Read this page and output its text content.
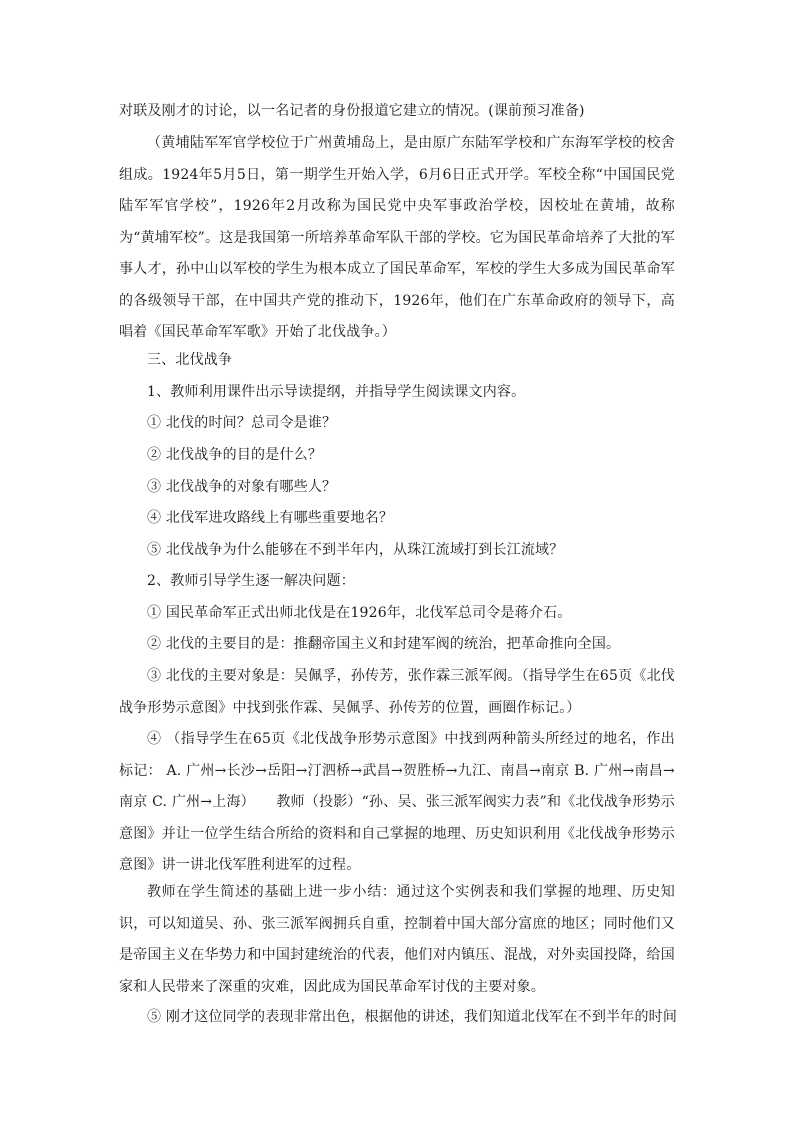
对联及刚才的讨论，以一名记者的身份报道它建立的情况。(课前预习准备)

（黄埔陆军军官学校位于广州黄埔岛上，是由原广东陆军学校和广东海军学校的校舍组成。1924年5月5日，第一期学生开始入学，6月6日正式开学。军校全称“中国国民党陆军军官学校”，1926年2月改称为国民党中央军事政治学校，因校址在黄埔，故称为“黄埔军校”。这是我国第一所培养革命军队干部的学校。它为国民革命培养了大批的军事人才，孙中山以军校的学生为根本成立了国民革命军，军校的学生大多成为国民革命军的各级领导干部，在中国共产党的推动下，1926年，他们在广东革命政府的领导下，高唱着《国民革命军军歌》开始了北伐战争。）

三、北伐战争

1、教师利用课件出示导读提纲，并指导学生阅读课文内容。

① 北伐的时间？总司令是谁？

② 北伐战争的目的是什么？

③ 北伐战争的对象有哪些人？

④ 北伐军进攻路线上有哪些重要地名？

⑤ 北伐战争为什么能够在不到半年内，从珠江流域打到长江流域？

2、教师引导学生逐一解决问题：

① 国民革命军正式出师北伐是在1926年，北伐军总司令是蒋介石。

② 北伐的主要目的是：推翻帝国主义和封建军阀的统治，把革命推向全国。

③ 北伐的主要对象是：吴佩孚，孙传芳，张作霖三派军阀。（指导学生在65页《北伐战争形势示意图》中找到张作霖、吴佩孚、孙传芳的位置，画圈作标记。）

④ （指导学生在65页《北伐战争形势示意图》中找到两种箭头所经过的地名，作出标记： A. 广州→长沙→岳阳→汀泗桥→武昌→贺胜桥→九江、南昌→南京 B. 广州→南昌→南京 C. 广州→上海）　　教师（投影）“孙、吴、张三派军阀实力表”和《北伐战争形势示意图》并让一位学生结合所给的资料和自己掌握的地理、历史知识利用《北伐战争形势示意图》讲一讲北伐军胜利进军的过程。

教师在学生简述的基础上进一步小结：通过这个实例表和我们掌握的地理、历史知识，可以知道吴、孙、张三派军阀拥兵自重，控制着中国大部分富庶的地区；同时他们又是帝国主义在华势力和中国封建统治的代表，他们对内镇压、混战，对外卖国投降，给国家和人民带来了深重的灾难，因此成为国民革命军讨伐的主要对象。

⑤ 刚才这位同学的表现非常出色，根据他的讲述，我们知道北伐军在不到半年的时间
